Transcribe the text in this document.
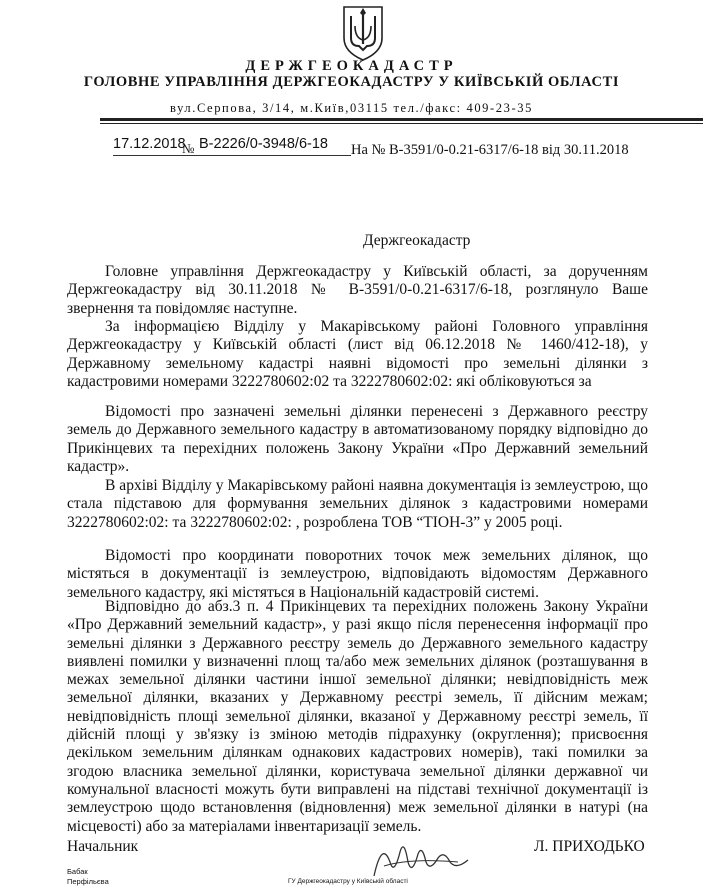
ДЕРЖГЕОКАДАСТР
ГОЛОВНЕ УПРАВЛІННЯ ДЕРЖГЕОКАДАСТРУ У КИЇВСЬКІЙ ОБЛАСТІ
вул.Серпова, 3/14, м.Київ,03115 тел./факс: 409-23-35
17.12.2018
№ В-2226/0-3948/6-18 На № В-3591/0-0.21-6317/6-18 від 30.11.2018
Держгеокадастр

Головне управління Держгеокадастру у Київській області, за дорученням Держгеокадастру від 30.11.2018 № В-3591/0-0.21-6317/6-18, розглянуло Ваше звернення та повідомляє наступне.

За інформацією Відділу у Макарівському районі Головного управління Держгеокадастру у Київській області (лист від 06.12.2018 № 1460/412-18), у Державному земельному кадастрі наявні відомості про земельні ділянки з кадастровими номерами 3222780602:02 та 3222780602:02: які обліковуються за

Відомості про зазначені земельні ділянки перенесені з Державного реєстру земель до Державного земельного кадастру в автоматизованому порядку відповідно до Прикінцевих та перехідних положень Закону України «Про Державний земельний кадастр».

В архіві Відділу у Макарівському районі наявна документація із землеустрою, що стала підставою для формування земельних ділянок з кадастровими номерами 3222780602:02: та 3222780602:02: , розроблена ТОВ “ТІОН-3” у 2005 році.

Відомості про координати поворотних точок меж земельних ділянок, що містяться в документації із землеустрою, відповідають відомостям Державного земельного кадастру, які містяться в Національній кадастровій системі.

Відповідно до абз.3 п. 4 Прикінцевих та перехідних положень Закону України «Про Державний земельний кадастр», у разі якщо після перенесення інформації про земельні ділянки з Державного реєстру земель до Державного земельного кадастру виявлені помилки у визначенні площ та/або меж земельних ділянок (розташування в межах земельної ділянки частини іншої земельної ділянки; невідповідність меж земельної ділянки, вказаних у Державному реєстрі земель, її дійсним межам; невідповідність площі земельної ділянки, вказаної у Державному реєстрі земель, її дійсній площі у зв'язку із зміною методів підрахунку (округлення); присвоєння декільком земельним ділянкам однакових кадастрових номерів), такі помилки за згодою власника земельної ділянки, користувача земельної ділянки державної чи комунальної власності можуть бути виправлені на підставі технічної документації із землеустрою щодо встановлення (відновлення) меж земельної ділянки в натурі (на місцевості) або за матеріалами інвентаризації земель.

Начальник	Л. ПРИХОДЬКО
Бабак
Перфільєва	ГУ Держгеокадастру у Київській області
